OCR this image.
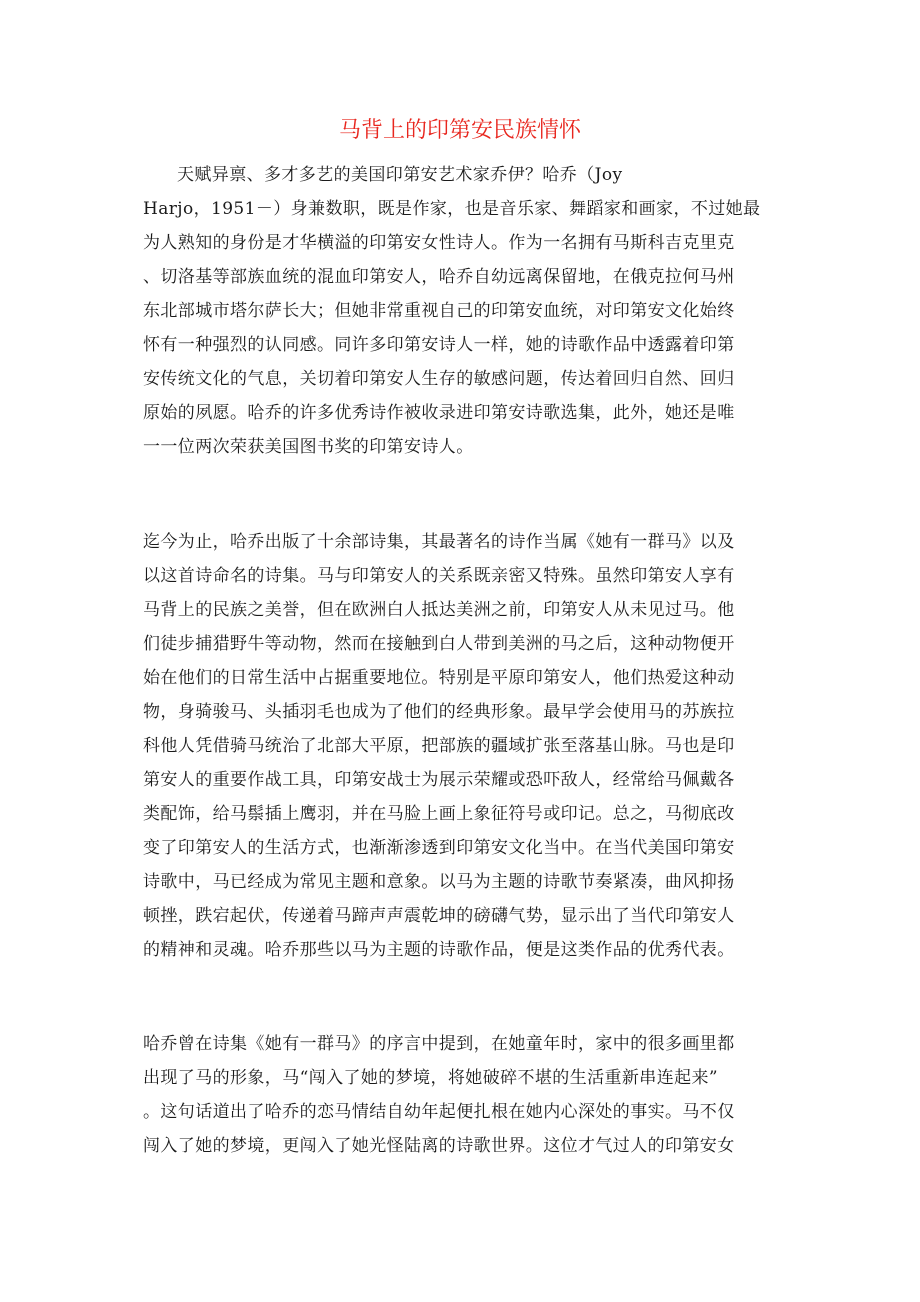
马背上的印第安民族情怀
天赋异禀、多才多艺的美国印第安艺术家乔伊？哈乔（Joy
Harjo，1951－）身兼数职，既是作家，也是音乐家、舞蹈家和画家，不过她最
为人熟知的身份是才华横溢的印第安女性诗人。作为一名拥有马斯科吉克里克
、切洛基等部族血统的混血印第安人，哈乔自幼远离保留地，在俄克拉何马州
东北部城市塔尔萨长大；但她非常重视自己的印第安血统，对印第安文化始终
怀有一种强烈的认同感。同许多印第安诗人一样，她的诗歌作品中透露着印第
安传统文化的气息，关切着印第安人生存的敏感问题，传达着回归自然、回归
原始的夙愿。哈乔的许多优秀诗作被收录进印第安诗歌选集，此外，她还是唯
一一位两次荣获美国图书奖的印第安诗人。
迄今为止，哈乔出版了十余部诗集，其最著名的诗作当属《她有一群马》以及
以这首诗命名的诗集。马与印第安人的关系既亲密又特殊。虽然印第安人享有
马背上的民族之美誉，但在欧洲白人抵达美洲之前，印第安人从未见过马。他
们徒步捕猎野牛等动物，然而在接触到白人带到美洲的马之后，这种动物便开
始在他们的日常生活中占据重要地位。特别是平原印第安人，他们热爱这种动
物，身骑骏马、头插羽毛也成为了他们的经典形象。最早学会使用马的苏族拉
科他人凭借骑马统治了北部大平原，把部族的疆域扩张至落基山脉。马也是印
第安人的重要作战工具，印第安战士为展示荣耀或恐吓敌人，经常给马佩戴各
类配饰，给马鬃插上鹰羽，并在马脸上画上象征符号或印记。总之，马彻底改
变了印第安人的生活方式，也渐渐渗透到印第安文化当中。在当代美国印第安
诗歌中，马已经成为常见主题和意象。以马为主题的诗歌节奏紧凑，曲风抑扬
顿挫，跌宕起伏，传递着马蹄声声震乾坤的磅礴气势，显示出了当代印第安人
的精神和灵魂。哈乔那些以马为主题的诗歌作品，便是这类作品的优秀代表。
哈乔曾在诗集《她有一群马》的序言中提到，在她童年时，家中的很多画里都
出现了马的形象，马“闯入了她的梦境，将她破碎不堪的生活重新串连起来”
。这句话道出了哈乔的恋马情结自幼年起便扎根在她内心深处的事实。马不仅
闯入了她的梦境，更闯入了她光怪陆离的诗歌世界。这位才气过人的印第安女
